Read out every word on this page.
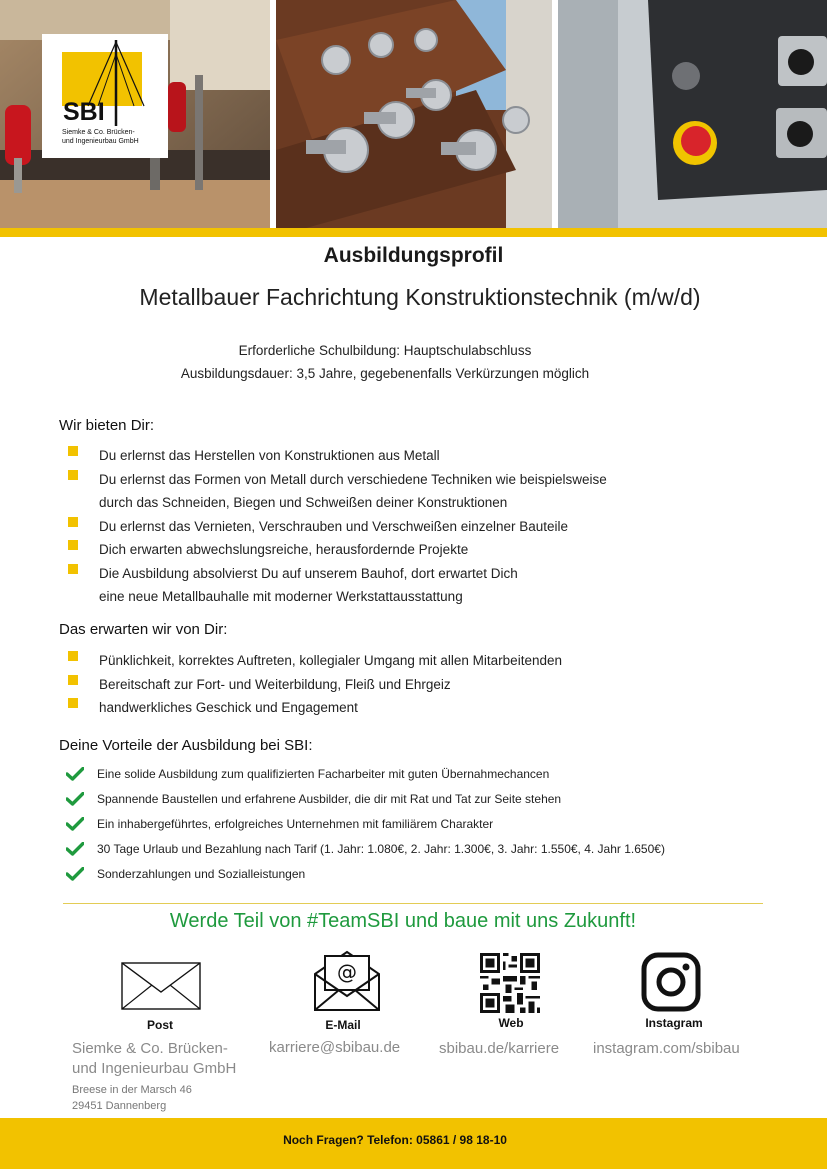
SBI
Siemke & Co. Brücken-
und Ingenieurbau GmbH
Ausbildungsprofil
Metallbauer Fachrichtung Konstruktionstechnik (m/w/d)
Erforderliche Schulbildung: Hauptschulabschluss
Ausbildungsdauer: 3,5 Jahre, gegebenenfalls Verkürzungen möglich
Wir bieten Dir:
Du erlernst das Herstellen von Konstruktionen aus Metall
Du erlernst das Formen von Metall durch verschiedene Techniken wie beispielsweise
durch das Schneiden, Biegen und Schweißen deiner Konstruktionen
Du erlernst das Vernieten, Verschrauben und Verschweißen einzelner Bauteile
Dich erwarten abwechslungsreiche, herausfordernde Projekte
Die Ausbildung absolvierst Du auf unserem Bauhof, dort erwartet Dich
eine neue Metallbauhalle mit moderner Werkstattausstattung
Das erwarten wir von Dir:
Pünklichkeit, korrektes Auftreten, kollegialer Umgang mit allen Mitarbeitenden
Bereitschaft zur Fort- und Weiterbildung, Fleiß und Ehrgeiz
handwerkliches Geschick und Engagement
Deine Vorteile der Ausbildung bei SBI:
Eine solide Ausbildung zum qualifizierten Facharbeiter mit guten Übernahmechancen
Spannende Baustellen und erfahrene Ausbilder, die dir mit Rat und Tat zur Seite stehen
Ein inhabergeführtes, erfolgreiches Unternehmen mit familiärem Charakter
30 Tage Urlaub und Bezahlung nach Tarif (1. Jahr: 1.080€, 2. Jahr: 1.300€, 3. Jahr: 1.550€, 4. Jahr 1.650€)
Sonderzahlungen und Sozialleistungen
Werde Teil von #TeamSBI und baue mit uns Zukunft!
@
Post	E-Mail	Web	Instagram
Siemke & Co. Brücken-
und Ingenieurbau GmbH
karriere@sbibau.de	sbibau.de/karriere instagram.com/sbibau
Breese in der Marsch 46
29451 Dannenberg
Noch Fragen? Telefon: 05861 / 98 18-10
